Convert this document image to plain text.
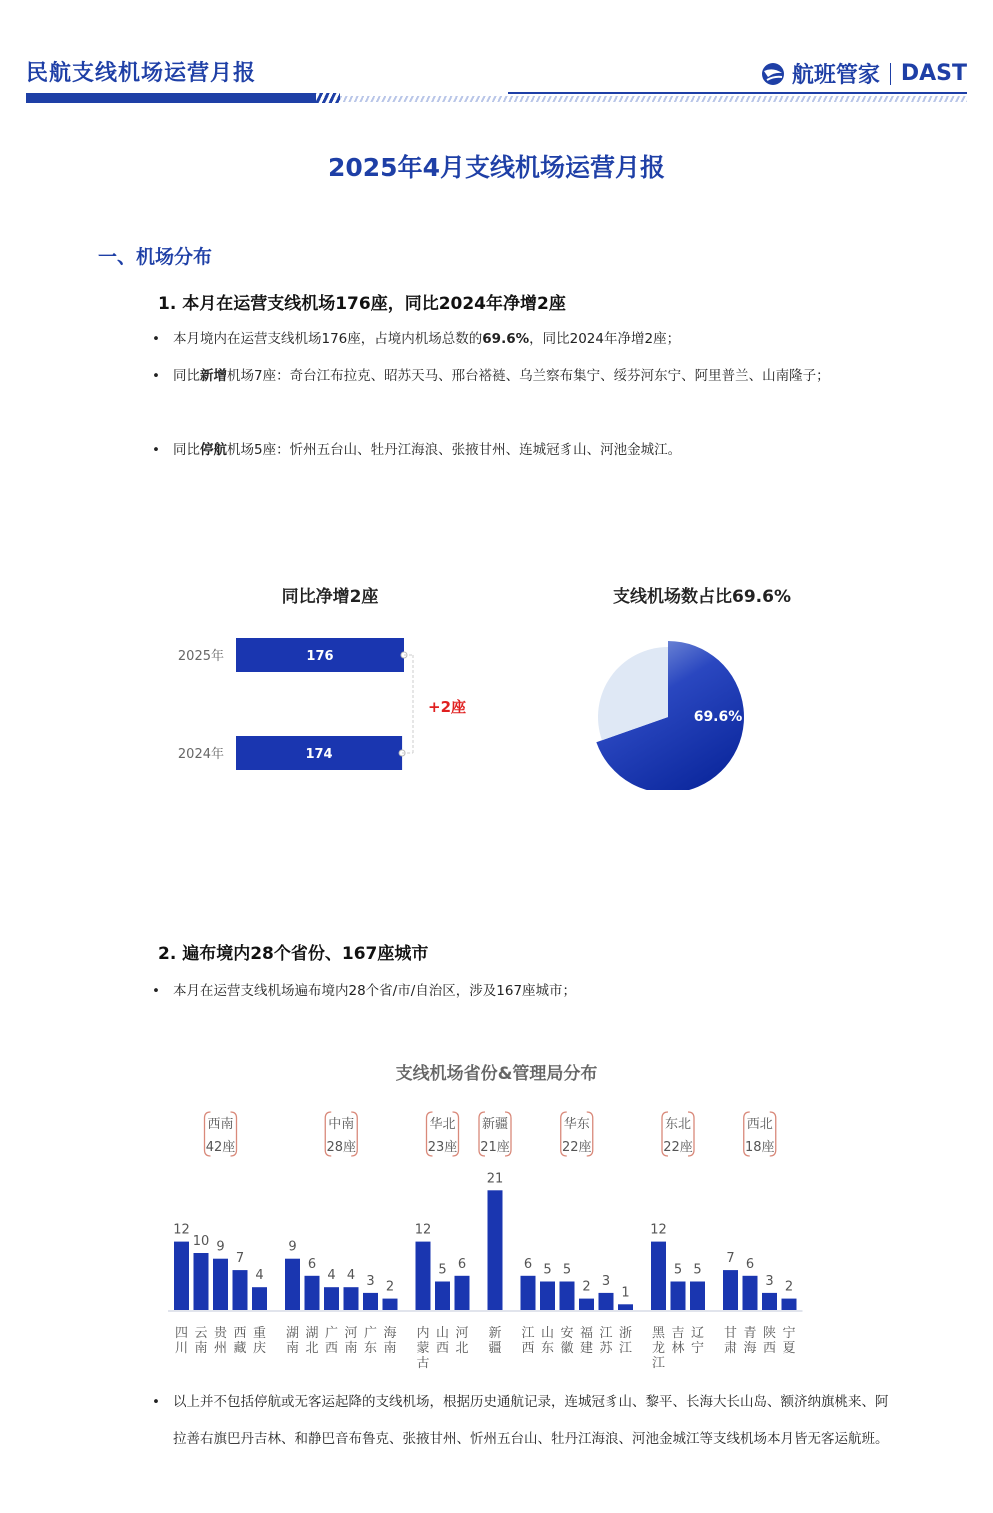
民航支线机场运营月报	航班管家 DAST
2025年4月支线机场运营月报
一、机场分布
1. 本月在运营支线机场176座，同比2024年净增2座
• 本月境内在运营支线机场176座，占境内机场总数的69.6%，同比2024年净增2座；
• 同比新增机场7座：奇台江布拉克、昭苏天马、邢台褡裢、乌兰察布集宁、绥芬河东宁、阿里普兰、山南隆子；
• 同比停航机场5座：忻州五台山、牡丹江海浪、张掖甘州、连城冠豸山、河池金城江。
同比净增2座
2025年	176
2024年	174
+2座
支线机场数占比69.6%
69.6%
2. 遍布境内28个省份、167座城市
• 本月在运营支线机场遍布境内28个省/市/自治区，涉及167座城市；
支线机场省份&管理局分布
西南
42座
12
四
川
10
云
南
9
贵
州
7
西
藏
4
重
庆
中南
28座
9
湖
南
6
湖
北
4
广
西
4
河
南
3
广
东
2
海
南
华北
23座
12
内
蒙
古
5
山
西
6
河
北
新疆
21座
21
新
疆
华东
22座
6
江
西
5
山
东
5
安
徽
2
福
建
3
江
苏
1
浙
江
东北
22座
12
黑
龙
江
5
吉
林
5
辽
宁
西北
18座
7
甘
肃
6
青
海
3
陕
西
2
宁
夏
• 以上并不包括停航或无客运起降的支线机场，根据历史通航记录，连城冠豸山、黎平、长海大长山岛、额济纳旗桃来、阿拉善右旗巴丹吉林、和静巴音布鲁克、张掖甘州、忻州五台山、牡丹江海浪、河池金城江等支线机场本月皆无客运航班。
